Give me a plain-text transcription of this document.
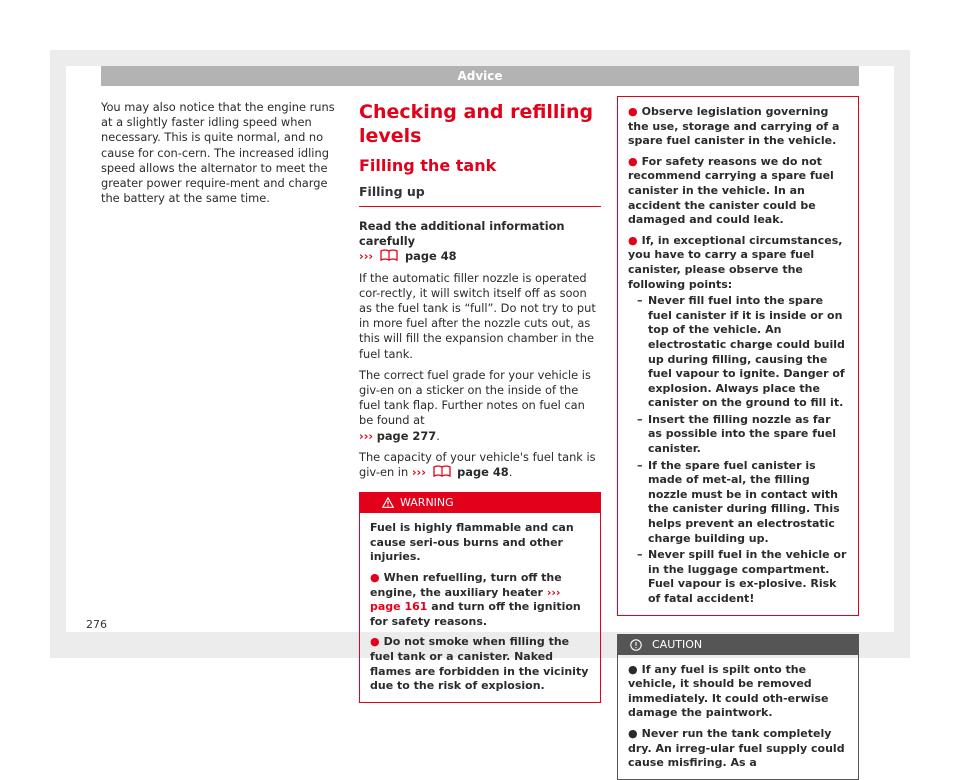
Advice

You may also notice that the engine runs at a slightly faster idling speed when necessary. This is quite normal, and no cause for con-cern. The increased idling speed allows the alternator to meet the greater power require-ment and charge the battery at the same time.

Checking and refilling levels
Filling the tank
Filling up

Read the additional information carefully
›››	page 48

If the automatic filler nozzle is operated cor-rectly, it will switch itself off as soon as the fuel tank is “full”. Do not try to put in more fuel after the nozzle cuts out, as this will fill the expansion chamber in the fuel tank.

The correct fuel grade for your vehicle is giv-en on a sticker on the inside of the fuel tank flap. Further notes on fuel can be found at
››› page 277.

The capacity of your vehicle's fuel tank is giv-en in ›››	page 48.

WARNING

Fuel is highly flammable and can cause seri-ous burns and other injuries.

● When refuelling, turn off the engine, the auxiliary heater ››› page 161 and turn off the ignition for safety reasons.

● Do not smoke when filling the fuel tank or a canister. Naked flames are forbidden in the vicinity due to the risk of explosion.

● Observe legislation governing the use, storage and carrying of a spare fuel canister in the vehicle.

● For safety reasons we do not recommend carrying a spare fuel canister in the vehicle. In an accident the canister could be damaged and could leak.

● If, in exceptional circumstances, you have to carry a spare fuel canister, please observe the following points:

– Never fill fuel into the spare fuel canister if it is inside or on top of the vehicle. An electrostatic charge could build up during filling, causing the fuel vapour to ignite. Danger of explosion. Always place the canister on the ground to fill it.
– Insert the filling nozzle as far as possible into the spare fuel canister.
– If the spare fuel canister is made of met-al, the filling nozzle must be in contact with the canister during filling. This helps prevent an electrostatic charge building up.
– Never spill fuel in the vehicle or in the luggage compartment. Fuel vapour is ex-plosive. Risk of fatal accident!
CAUTION

● If any fuel is spilt onto the vehicle, it should be removed immediately. It could oth-erwise damage the paintwork.

● Never run the tank completely dry. An irreg-ular fuel supply could cause misfiring. As a

276
